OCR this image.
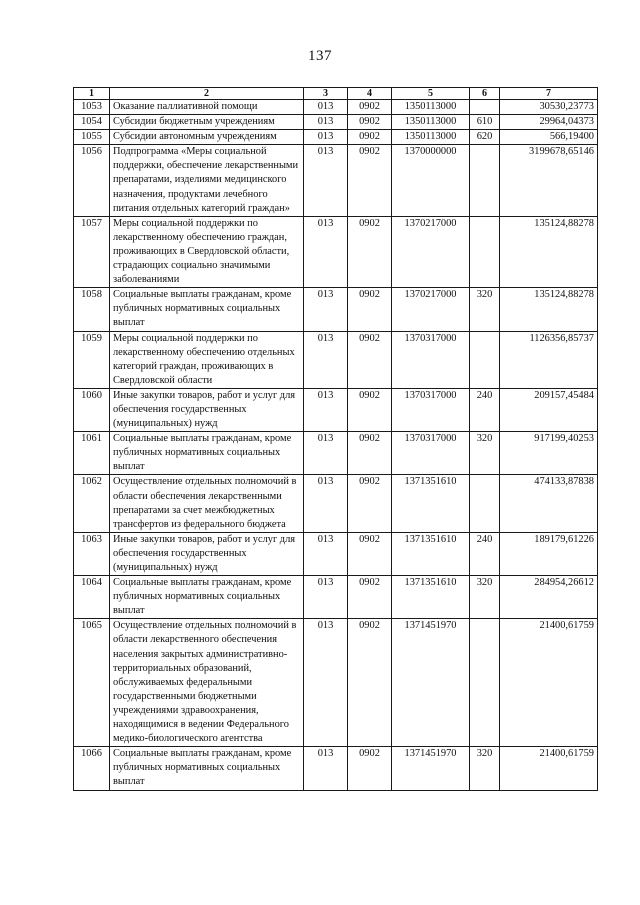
137
1	2	3	4	5	6	7
1053	Оказание паллиативной помощи	013	0902	1350113000		30530,23773
1054	Субсидии бюджетным учреждениям	013	0902	1350113000	610	29964,04373
1055	Субсидии автономным учреждениям	013	0902	1350113000	620	566,19400
1056	Подпрограмма «Меры социальной поддержки, обеспечение лекарственными препаратами, изделиями медицинского назначения, продуктами лечебного питания отдельных категорий граждан»	013	0902	1370000000		3199678,65146
1057	Меры социальной поддержки по лекарственному обеспечению граждан, проживающих в Свердловской области, страдающих социально значимыми заболеваниями	013	0902	1370217000		135124,88278
1058	Социальные выплаты гражданам, кроме публичных нормативных социальных выплат	013	0902	1370217000	320	135124,88278
1059	Меры социальной поддержки по лекарственному обеспечению отдельных категорий граждан, проживающих в Свердловской области	013	0902	1370317000		1126356,85737
1060	Иные закупки товаров, работ и услуг для обеспечения государственных (муниципальных) нужд	013	0902	1370317000	240	209157,45484
1061	Социальные выплаты гражданам, кроме публичных нормативных социальных выплат	013	0902	1370317000	320	917199,40253
1062	Осуществление отдельных полномочий в области обеспечения лекарственными препаратами за счет межбюджетных трансфертов из федерального бюджета	013	0902	1371351610		474133,87838
1063	Иные закупки товаров, работ и услуг для обеспечения государственных (муниципальных) нужд	013	0902	1371351610	240	189179,61226
1064	Социальные выплаты гражданам, кроме публичных нормативных социальных выплат	013	0902	1371351610	320	284954,26612
1065	Осуществление отдельных полномочий в области лекарственного обеспечения населения закрытых административно-территориальных образований, обслуживаемых федеральными государственными бюджетными учреждениями здравоохранения, находящимися в ведении Федерального медико-биологического агентства	013	0902	1371451970		21400,61759
1066	Социальные выплаты гражданам, кроме публичных нормативных социальных выплат	013	0902	1371451970	320	21400,61759
